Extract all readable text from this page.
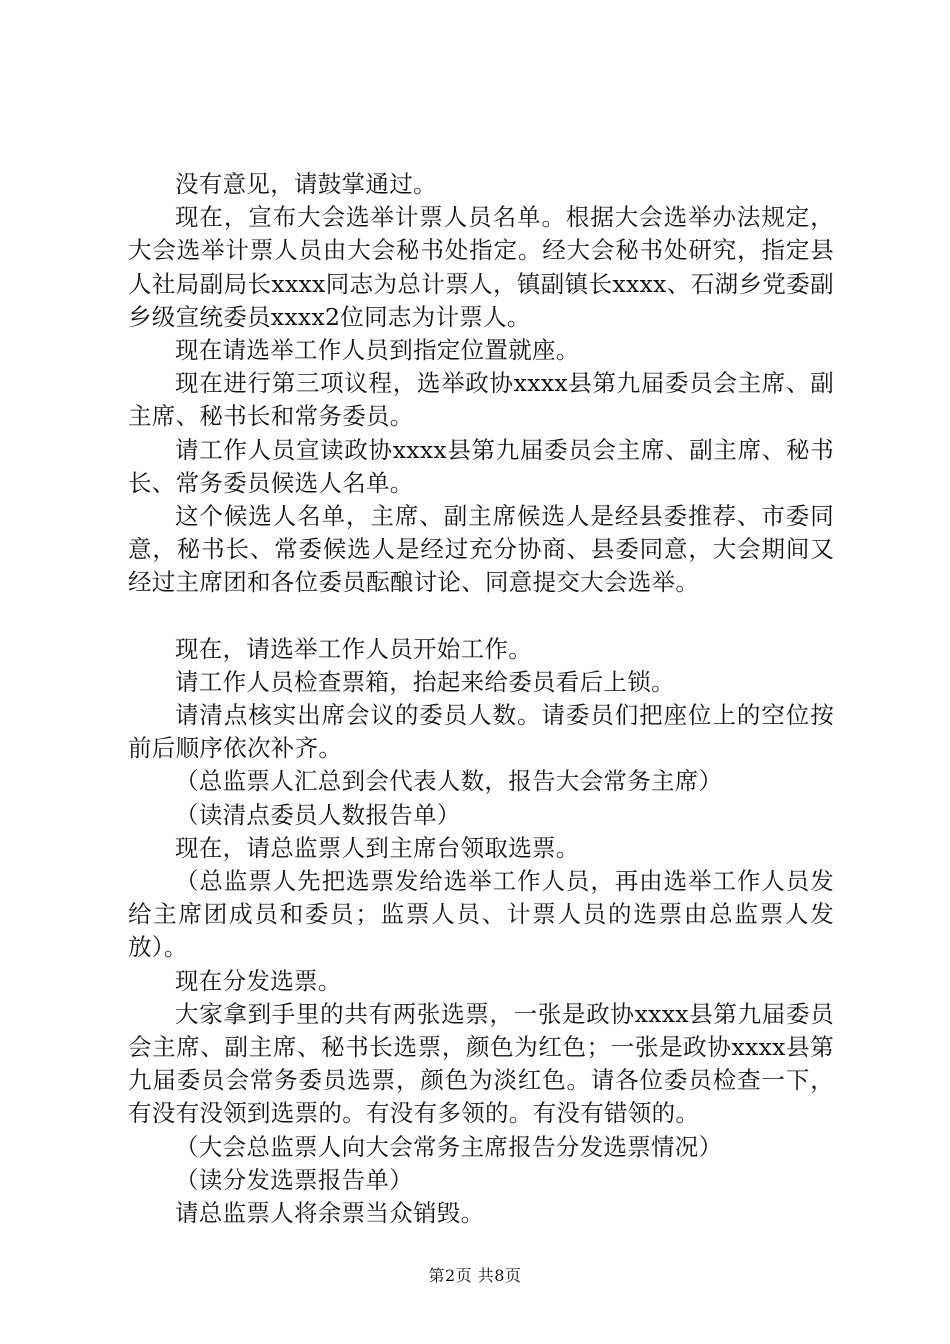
没有意见，请鼓掌通过。

现在，宣布大会选举计票人员名单。根据大会选举办法规定，大会选举计票人员由大会秘书处指定。经大会秘书处研究，指定县人社局副局长xxxx同志为总计票人，镇副镇长xxxx、石湖乡党委副乡级宣统委员xxxx2位同志为计票人。

现在请选举工作人员到指定位置就座。

现在进行第三项议程，选举政协xxxx县第九届委员会主席、副主席、秘书长和常务委员。

请工作人员宣读政协xxxx县第九届委员会主席、副主席、秘书长、常务委员候选人名单。

这个候选人名单，主席、副主席候选人是经县委推荐、市委同意，秘书长、常委候选人是经过充分协商、县委同意，大会期间又经过主席团和各位委员酝酿讨论、同意提交大会选举。

现在，请选举工作人员开始工作。

请工作人员检查票箱，抬起来给委员看后上锁。

请清点核实出席会议的委员人数。请委员们把座位上的空位按前后顺序依次补齐。

（总监票人汇总到会代表人数，报告大会常务主席）

（读清点委员人数报告单）

现在，请总监票人到主席台领取选票。

（总监票人先把选票发给选举工作人员，再由选举工作人员发给主席团成员和委员；监票人员、计票人员的选票由总监票人发放）。

现在分发选票。

大家拿到手里的共有两张选票，一张是政协xxxx县第九届委员会主席、副主席、秘书长选票，颜色为红色；一张是政协xxxx县第九届委员会常务委员选票，颜色为淡红色。请各位委员检查一下，有没有没领到选票的。有没有多领的。有没有错领的。

（大会总监票人向大会常务主席报告分发选票情况）

（读分发选票报告单）

请总监票人将余票当众销毁。

第2页 共8页
